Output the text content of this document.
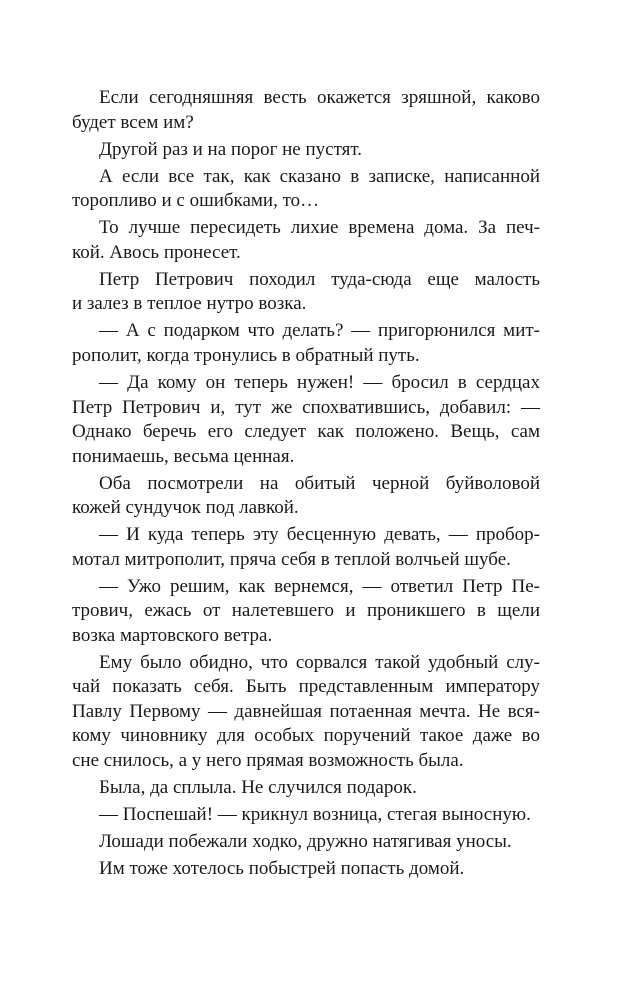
Если сегодняшняя весть окажется зряшной, каково
будет всем им?
Другой раз и на порог не пустят.
А если все так, как сказано в записке, написанной
торопливо и с ошибками, то…
То лучше пересидеть лихие времена дома. За печ-
кой. Авось пронесет.
Петр Петрович походил туда-сюда еще малость
и залез в теплое нутро возка.
— А с подарком что делать? — пригорюнился мит-
рополит, когда тронулись в обратный путь.
— Да кому он теперь нужен! — бросил в сердцах
Петр Петрович и, тут же спохватившись, добавил: —
Однако беречь его следует как положено. Вещь, сам
понимаешь, весьма ценная.
Оба посмотрели на обитый черной буйволовой
кожей сундучок под лавкой.
— И куда теперь эту бесценную девать, — пробор-
мотал митрополит, пряча себя в теплой волчьей шубе.
— Ужо решим, как вернемся, — ответил Петр Пе-
трович, ежась от налетевшего и проникшего в щели
возка мартовского ветра.
Ему было обидно, что сорвался такой удобный слу-
чай показать себя. Быть представленным императору
Павлу Первому — давнейшая потаенная мечта. Не вся-
кому чиновнику для особых поручений такое даже во
сне снилось, а у него прямая возможность была.
Была, да сплыла. Не случился подарок.
— Поспешай! — крикнул возница, стегая выносную.
Лошади побежали ходко, дружно натягивая уносы.
Им тоже хотелось побыстрей попасть домой.
